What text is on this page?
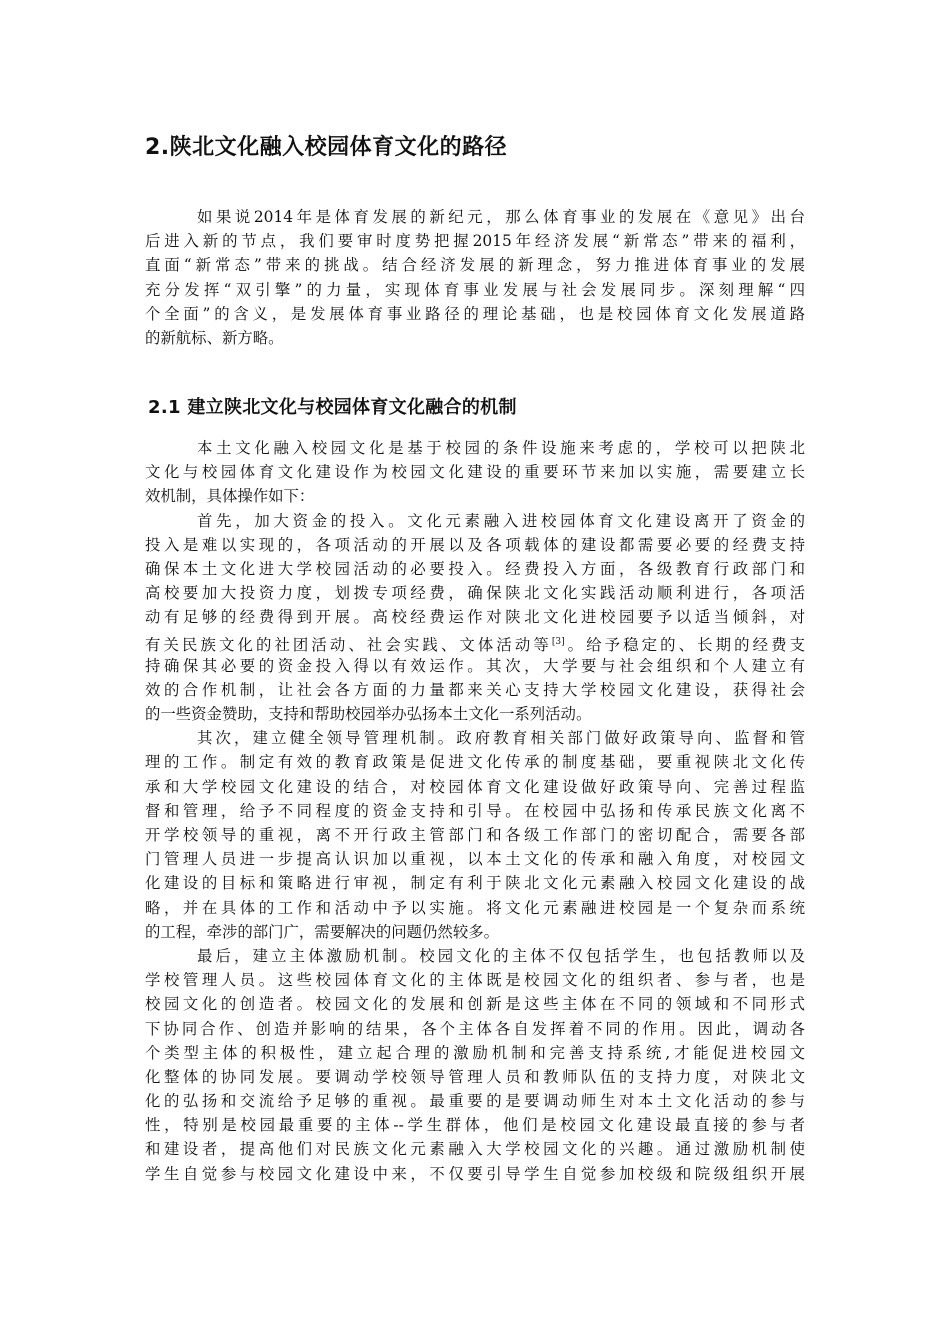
2.陕北文化融入校园体育文化的路径
如果说2014年是体育发展的新纪元，那么体育事业的发展在《意见》出台
后进入新的节点，我们要审时度势把握2015年经济发展“新常态”带来的福利，
直面“新常态”带来的挑战。结合经济发展的新理念，努力推进体育事业的发展
充分发挥“双引擎”的力量，实现体育事业发展与社会发展同步。深刻理解“四
个全面”的含义，是发展体育事业路径的理论基础，也是校园体育文化发展道路
的新航标、新方略。
2.1 建立陕北文化与校园体育文化融合的机制
本土文化融入校园文化是基于校园的条件设施来考虑的，学校可以把陕北
文化与校园体育文化建设作为校园文化建设的重要环节来加以实施，需要建立长
效机制，具体操作如下：
首先，加大资金的投入。文化元素融入进校园体育文化建设离开了资金的
投入是难以实现的，各项活动的开展以及各项载体的建设都需要必要的经费支持
确保本土文化进大学校园活动的必要投入。经费投入方面，各级教育行政部门和
高校要加大投资力度，划拨专项经费，确保陕北文化实践活动顺利进行，各项活
动有足够的经费得到开展。高校经费运作对陕北文化进校园要予以适当倾斜，对
有关民族文化的社团活动、社会实践、文体活动等[3]。给予稳定的、长期的经费支
持确保其必要的资金投入得以有效运作。其次，大学要与社会组织和个人建立有
效的合作机制，让社会各方面的力量都来关心支持大学校园文化建设，获得社会
的一些资金赞助，支持和帮助校园举办弘扬本土文化一系列活动。
其次，建立健全领导管理机制。政府教育相关部门做好政策导向、监督和管
理的工作。制定有效的教育政策是促进文化传承的制度基础，要重视陕北文化传
承和大学校园文化建设的结合，对校园体育文化建设做好政策导向、完善过程监
督和管理，给予不同程度的资金支持和引导。在校园中弘扬和传承民族文化离不
开学校领导的重视，离不开行政主管部门和各级工作部门的密切配合，需要各部
门管理人员进一步提高认识加以重视，以本土文化的传承和融入角度，对校园文
化建设的目标和策略进行审视，制定有利于陕北文化元素融入校园文化建设的战
略，并在具体的工作和活动中予以实施。将文化元素融进校园是一个复杂而系统
的工程，牵涉的部门广，需要解决的问题仍然较多。
最后，建立主体激励机制。校园文化的主体不仅包括学生，也包括教师以及
学校管理人员。这些校园体育文化的主体既是校园文化的组织者、参与者，也是
校园文化的创造者。校园文化的发展和创新是这些主体在不同的领域和不同形式
下协同合作、创造并影响的结果，各个主体各自发挥着不同的作用。因此，调动各
个类型主体的积极性，建立起合理的激励机制和完善支持系统,才能促进校园文
化整体的协同发展。要调动学校领导管理人员和教师队伍的支持力度，对陕北文
化的弘扬和交流给予足够的重视。最重要的是要调动师生对本土文化活动的参与
性，特别是校园最重要的主体--学生群体，他们是校园文化建设最直接的参与者
和建设者，提高他们对民族文化元素融入大学校园文化的兴趣。通过激励机制使
学生自觉参与校园文化建设中来，不仅要引导学生自觉参加校级和院级组织开展
